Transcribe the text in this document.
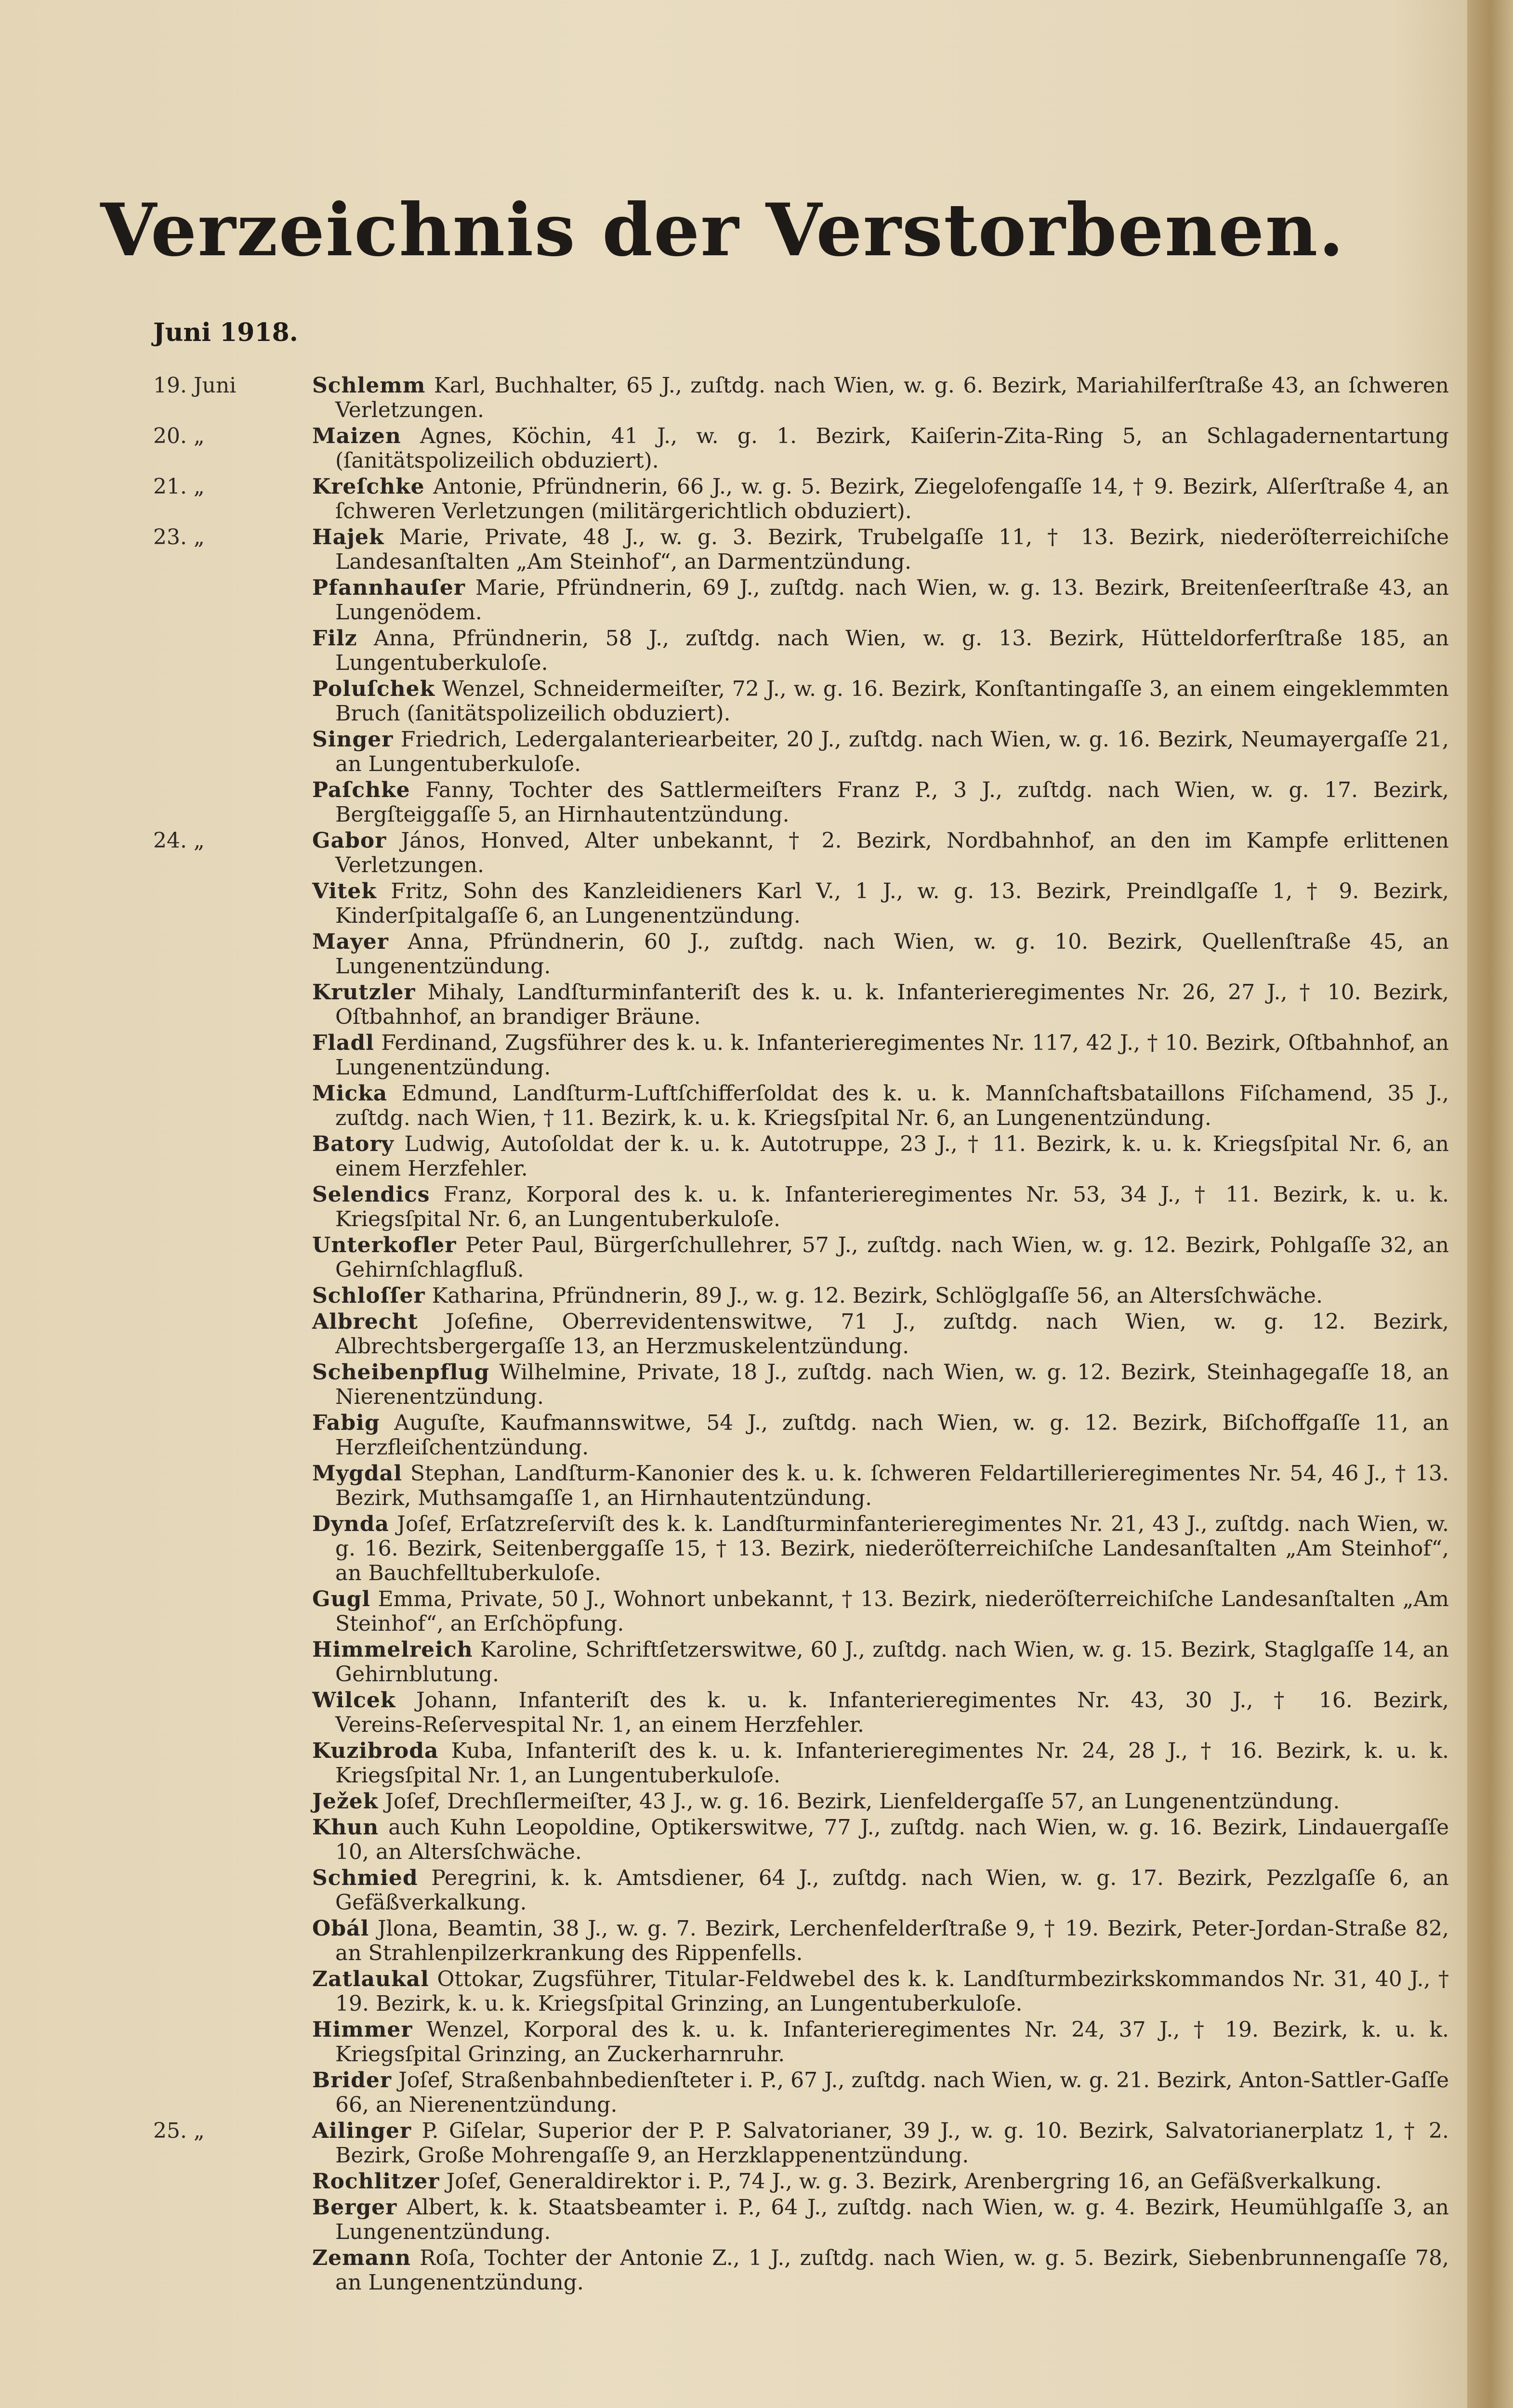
Verzeichnis der Verstorbenen.
Juni 1918.
19. Juni	Schlemm Karl, Buchhalter, 65 J., zuſtdg. nach Wien, w. g. 6. Bezirk, Mariahilferſtraße 43, an ſchweren Verletzungen.
20. „	Maizen Agnes, Köchin, 41 J., w. g. 1. Bezirk, Kaiſerin‑Zita‑Ring 5, an Schlagadernentartung (ſanitätspolizeilich obduziert).
21. „	Kreſchke Antonie, Pfründnerin, 66 J., w. g. 5. Bezirk, Ziegelofengaſſe 14, † 9. Bezirk, Alſerſtraße 4, an ſchweren Verletzungen (militärgerichtlich obduziert).
23. „	Hajek Marie, Private, 48 J., w. g. 3. Bezirk, Trubelgaſſe 11, † 13. Bezirk, niederöſterreichiſche Landesanſtalten „Am Steinhof“, an Darmentzündung.
Pfannhauſer Marie, Pfründnerin, 69 J., zuſtdg. nach Wien, w. g. 13. Bezirk, Breitenſeerſtraße 43, an Lungenödem.
Filz Anna, Pfründnerin, 58 J., zuſtdg. nach Wien, w. g. 13. Bezirk, Hütteldorferſtraße 185, an Lungentuberkuloſe.
Poluſchek Wenzel, Schneidermeiſter, 72 J., w. g. 16. Bezirk, Konſtantingaſſe 3, an einem eingeklemmten Bruch (ſanitätspolizeilich obduziert).
Singer Friedrich, Ledergalanteriearbeiter, 20 J., zuſtdg. nach Wien, w. g. 16. Bezirk, Neumayergaſſe 21, an Lungentuberkuloſe.
Paſchke Fanny, Tochter des Sattlermeiſters Franz P., 3 J., zuſtdg. nach Wien, w. g. 17. Bezirk, Bergſteiggaſſe 5, an Hirnhautentzündung.
24. „	Gabor János, Honved, Alter unbekannt, † 2. Bezirk, Nordbahnhof, an den im Kampfe erlittenen Verletzungen.
Vitek Fritz, Sohn des Kanzleidieners Karl V., 1 J., w. g. 13. Bezirk, Preindlgaſſe 1, † 9. Bezirk, Kinderſpitalgaſſe 6, an Lungenentzündung.
Mayer Anna, Pfründnerin, 60 J., zuſtdg. nach Wien, w. g. 10. Bezirk, Quellenſtraße 45, an Lungenentzündung.
Krutzler Mihaly, Landſturminfanteriſt des k. u. k. Infanterieregimentes Nr. 26, 27 J., † 10. Bezirk, Oſtbahnhof, an brandiger Bräune.
Fladl Ferdinand, Zugsführer des k. u. k. Infanterieregimentes Nr. 117, 42 J., † 10. Bezirk, Oſtbahnhof, an Lungenentzündung.
Micka Edmund, Landſturm‑Luftſchifferſoldat des k. u. k. Mannſchaftsbataillons Fiſchamend, 35 J., zuſtdg. nach Wien, † 11. Bezirk, k. u. k. Kriegsſpital Nr. 6, an Lungenentzündung.
Batory Ludwig, Autoſoldat der k. u. k. Autotruppe, 23 J., † 11. Bezirk, k. u. k. Kriegsſpital Nr. 6, an einem Herzfehler.
Selendics Franz, Korporal des k. u. k. Infanterieregimentes Nr. 53, 34 J., † 11. Bezirk, k. u. k. Kriegsſpital Nr. 6, an Lungentuberkuloſe.
Unterkofler Peter Paul, Bürgerſchullehrer, 57 J., zuſtdg. nach Wien, w. g. 12. Bezirk, Pohlgaſſe 32, an Gehirnſchlagfluß.
Schloſſer Katharina, Pfründnerin, 89 J., w. g. 12. Bezirk, Schlöglgaſſe 56, an Altersſchwäche.
Albrecht Joſefine, Oberrevidentenswitwe, 71 J., zuſtdg. nach Wien, w. g. 12. Bezirk, Albrechtsbergergaſſe 13, an Herzmuskelentzündung.
Scheibenpflug Wilhelmine, Private, 18 J., zuſtdg. nach Wien, w. g. 12. Bezirk, Steinhagegaſſe 18, an Nierenentzündung.
Fabig Auguſte, Kaufmannswitwe, 54 J., zuſtdg. nach Wien, w. g. 12. Bezirk, Biſchoffgaſſe 11, an Herzfleiſchentzündung.
Mygdal Stephan, Landſturm‑Kanonier des k. u. k. ſchweren Feldartillerieregimentes Nr. 54, 46 J., † 13. Bezirk, Muthsamgaſſe 1, an Hirnhautentzündung.
Dynda Joſef, Erſatzreſerviſt des k. k. Landſturminfanterieregimentes Nr. 21, 43 J., zuſtdg. nach Wien, w. g. 16. Bezirk, Seitenberggaſſe 15, † 13. Bezirk, niederöſterreichiſche Landesanſtalten „Am Steinhof“, an Bauchfelltuberkuloſe.
Gugl Emma, Private, 50 J., Wohnort unbekannt, † 13. Bezirk, niederöſterreichiſche Landesanſtalten „Am Steinhof“, an Erſchöpfung.
Himmelreich Karoline, Schriftſetzerswitwe, 60 J., zuſtdg. nach Wien, w. g. 15. Bezirk, Staglgaſſe 14, an Gehirnblutung.
Wilcek Johann, Infanteriſt des k. u. k. Infanterieregimentes Nr. 43, 30 J., † 16. Bezirk, Vereins‑Reſervespital Nr. 1, an einem Herzfehler.
Kuzibroda Kuba, Infanteriſt des k. u. k. Infanterieregimentes Nr. 24, 28 J., † 16. Bezirk, k. u. k. Kriegsſpital Nr. 1, an Lungentuberkuloſe.
Ježek Joſef, Drechſlermeiſter, 43 J., w. g. 16. Bezirk, Lienfeldergaſſe 57, an Lungenentzündung.
Khun auch Kuhn Leopoldine, Optikerswitwe, 77 J., zuſtdg. nach Wien, w. g. 16. Bezirk, Lindauergaſſe 10, an Altersſchwäche.
Schmied Peregrini, k. k. Amtsdiener, 64 J., zuſtdg. nach Wien, w. g. 17. Bezirk, Pezzlgaſſe 6, an Gefäßverkalkung.
Obál Jlona, Beamtin, 38 J., w. g. 7. Bezirk, Lerchenfelderſtraße 9, † 19. Bezirk, Peter‑Jordan‑Straße 82, an Strahlenpilzerkrankung des Rippenfells.
Zatlaukal Ottokar, Zugsführer, Titular‑Feldwebel des k. k. Landſturmbezirkskommandos Nr. 31, 40 J., † 19. Bezirk, k. u. k. Kriegsſpital Grinzing, an Lungentuberkuloſe.
Himmer Wenzel, Korporal des k. u. k. Infanterieregimentes Nr. 24, 37 J., † 19. Bezirk, k. u. k. Kriegsſpital Grinzing, an Zuckerharnruhr.
Brider Joſef, Straßenbahnbedienſteter i. P., 67 J., zuſtdg. nach Wien, w. g. 21. Bezirk, Anton‑Sattler‑Gaſſe 66, an Nierenentzündung.
25. „	Ailinger P. Giſelar, Superior der P. P. Salvatorianer, 39 J., w. g. 10. Bezirk, Salvatorianerplatz 1, † 2. Bezirk, Große Mohrengaſſe 9, an Herzklappenentzündung.
Rochlitzer Joſef, Generaldirektor i. P., 74 J., w. g. 3. Bezirk, Arenbergring 16, an Gefäßverkalkung.
Berger Albert, k. k. Staatsbeamter i. P., 64 J., zuſtdg. nach Wien, w. g. 4. Bezirk, Heumühlgaſſe 3, an Lungenentzündung.
Zemann Roſa, Tochter der Antonie Z., 1 J., zuſtdg. nach Wien, w. g. 5. Bezirk, Siebenbrunnengaſſe 78, an Lungenentzündung.
